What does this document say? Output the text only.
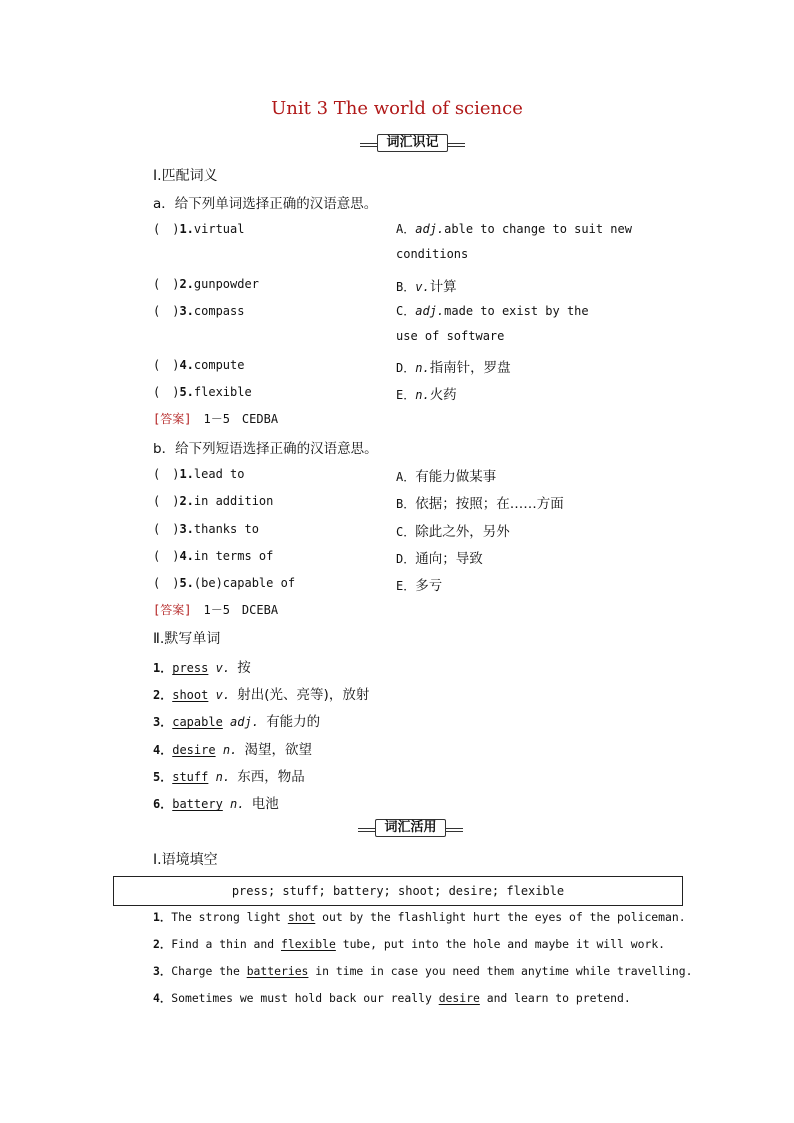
Unit 3 The world of science
词汇识记
Ⅰ.匹配词义
a．给下列单词选择正确的汉语意思。
(　)1.virtual
(　)2.gunpowder
(　)3.compass
(　)4.compute
(　)5.flexible
A．adj.able to change to suit new
conditions
B．v.计算
C．adj.made to exist by the
use of software
D．n.指南针，罗盘
E．n.火药
[答案]　 1－5　CEDBA
b．给下列短语选择正确的汉语意思。
(　)1.lead to
(　)2.in addition
(　)3.thanks to
(　)4.in terms of
(　)5.(be)capable of
A．有能力做某事
B．依据；按照；在……方面
C．除此之外，另外
D．通向；导致
E．多亏
[答案]　 1－5　DCEBA
Ⅱ.默写单词
1．press v. 按
2．shoot v. 射出(光、亮等)，放射
3．capable adj. 有能力的
4．desire n. 渴望，欲望
5．stuff n. 东西，物品
6．battery n. 电池
词汇活用
Ⅰ.语境填空
press; stuff; battery; shoot; desire; flexible
1．The strong light shot out by the flashlight hurt the eyes of the policeman.
2．Find a thin and flexible tube, put into the hole and maybe it will work.
3．Charge the batteries in time in case you need them anytime while travelling.
4．Sometimes we must hold back our really desire and learn to pretend.
